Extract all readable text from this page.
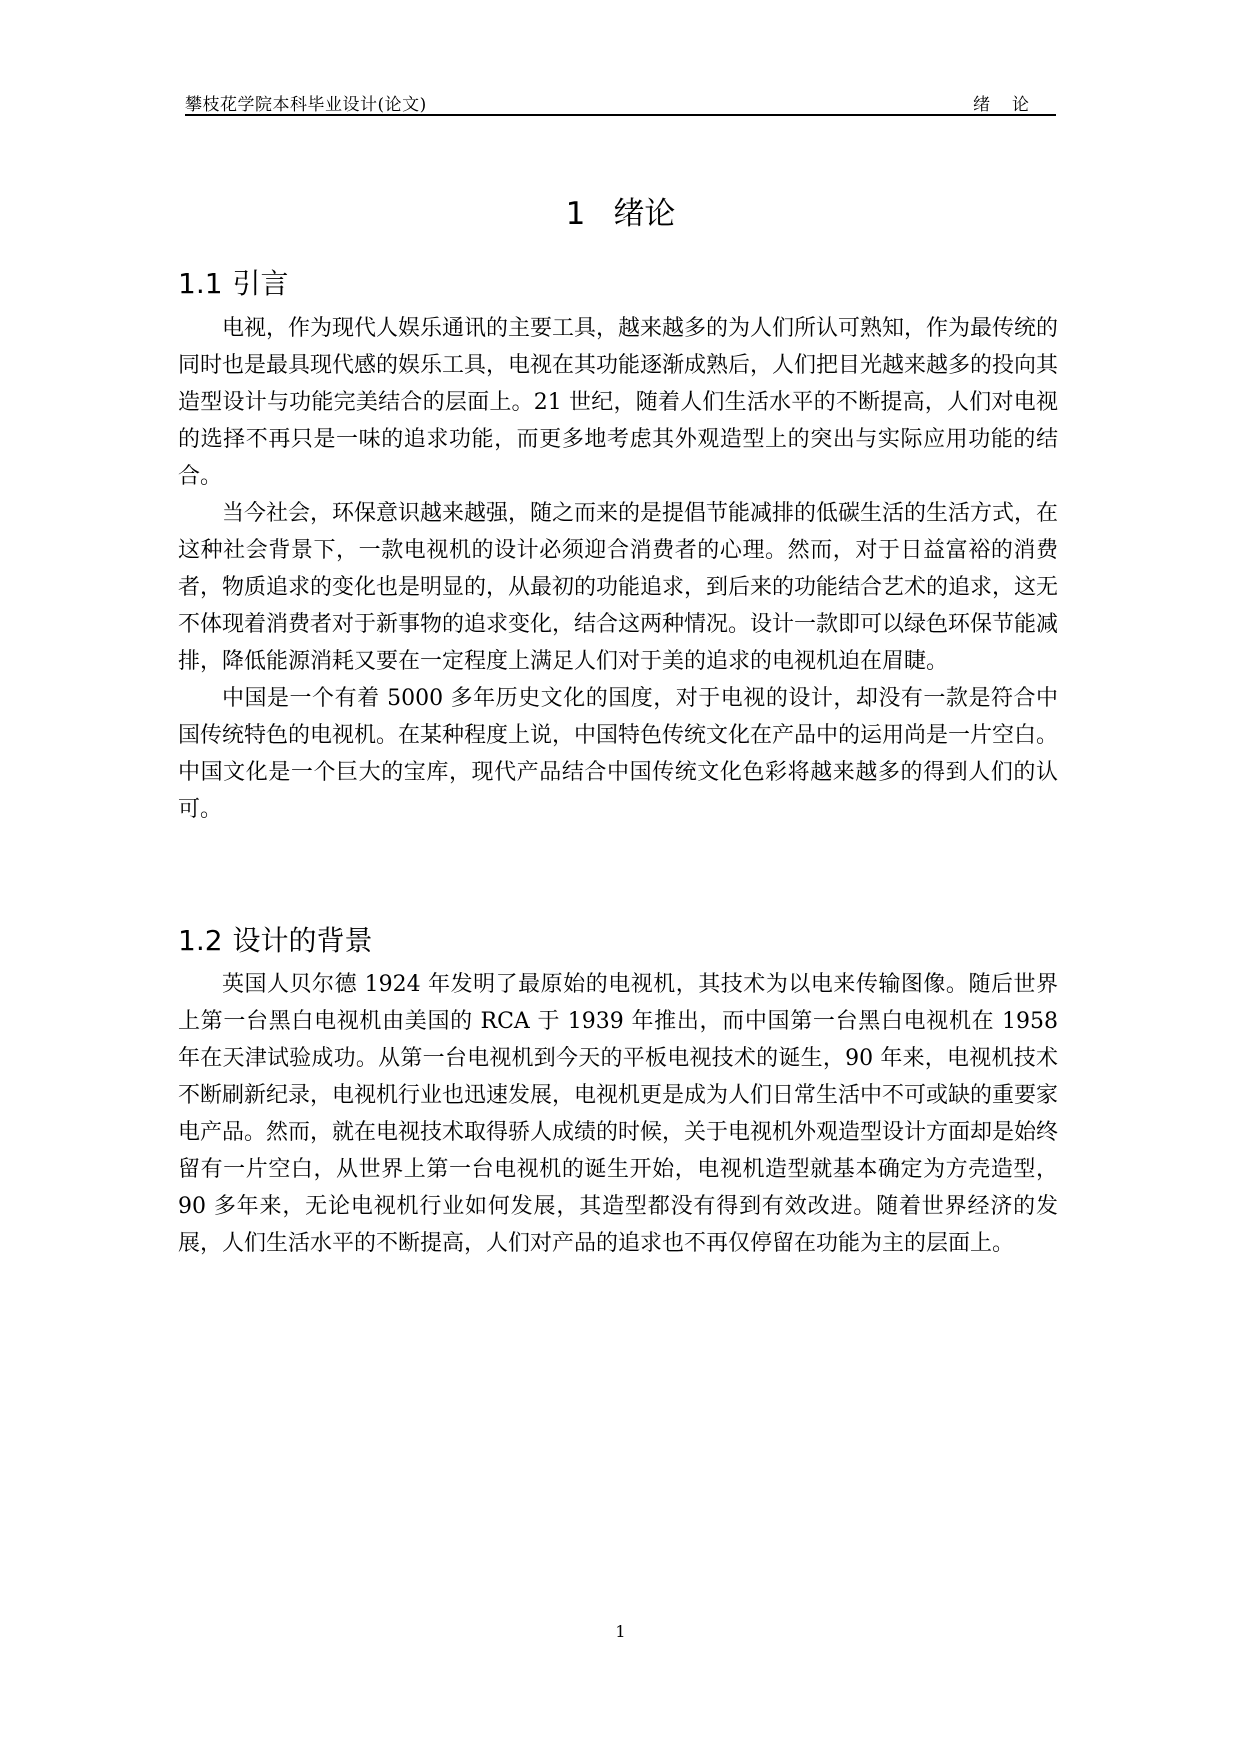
攀枝花学院本科毕业设计(论文)	绪论
1 绪论
1.1 引言

电视，作为现代人娱乐通讯的主要工具，越来越多的为人们所认可熟知，作为最传统的同时也是最具现代感的娱乐工具，电视在其功能逐渐成熟后，人们把目光越来越多的投向其造型设计与功能完美结合的层面上。21 世纪，随着人们生活水平的不断提高，人们对电视的选择不再只是一味的追求功能，而更多地考虑其外观造型上的突出与实际应用功能的结合。

当今社会，环保意识越来越强，随之而来的是提倡节能减排的低碳生活的生活方式，在这种社会背景下，一款电视机的设计必须迎合消费者的心理。然而，对于日益富裕的消费者，物质追求的变化也是明显的，从最初的功能追求，到后来的功能结合艺术的追求，这无不体现着消费者对于新事物的追求变化，结合这两种情况。设计一款即可以绿色环保节能减排，降低能源消耗又要在一定程度上满足人们对于美的追求的电视机迫在眉睫。

中国是一个有着 5000 多年历史文化的国度，对于电视的设计，却没有一款是符合中国传统特色的电视机。在某种程度上说，中国特色传统文化在产品中的运用尚是一片空白。中国文化是一个巨大的宝库，现代产品结合中国传统文化色彩将越来越多的得到人们的认可。

1.2 设计的背景

英国人贝尔德 1924 年发明了最原始的电视机，其技术为以电来传输图像。随后世界上第一台黑白电视机由美国的 RCA 于 1939 年推出，而中国第一台黑白电视机在 1958 年在天津试验成功。从第一台电视机到今天的平板电视技术的诞生，90 年来，电视机技术不断刷新纪录，电视机行业也迅速发展，电视机更是成为人们日常生活中不可或缺的重要家电产品。然而，就在电视技术取得骄人成绩的时候，关于电视机外观造型设计方面却是始终留有一片空白，从世界上第一台电视机的诞生开始，电视机造型就基本确定为方壳造型，90 多年来，无论电视机行业如何发展，其造型都没有得到有效改进。随着世界经济的发展，人们生活水平的不断提高，人们对产品的追求也不再仅停留在功能为主的层面上。

1
